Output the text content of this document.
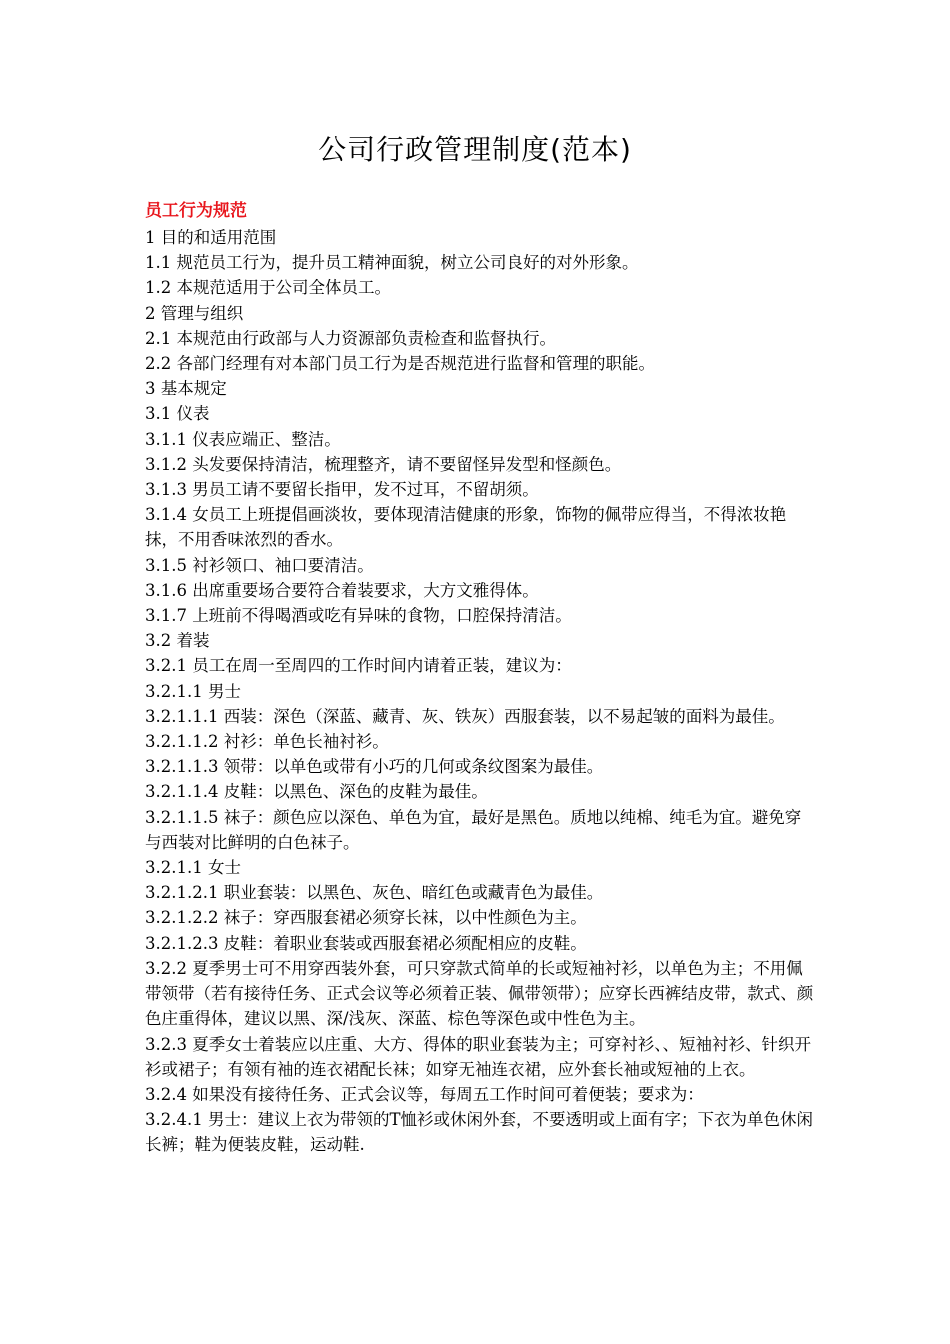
公司行政管理制度(范本)
员工行为规范

1 目的和适用范围

1.1 规范员工行为，提升员工精神面貌，树立公司良好的对外形象。

1.2 本规范适用于公司全体员工。

2 管理与组织

2.1 本规范由行政部与人力资源部负责检查和监督执行。

2.2 各部门经理有对本部门员工行为是否规范进行监督和管理的职能。

3 基本规定

3.1 仪表

3.1.1 仪表应端正、整洁。

3.1.2 头发要保持清洁，梳理整齐，请不要留怪异发型和怪颜色。

3.1.3 男员工请不要留长指甲，发不过耳，不留胡须。

3.1.4 女员工上班提倡画淡妆，要体现清洁健康的形象，饰物的佩带应得当，不得浓妆艳抹，不用香味浓烈的香水。

3.1.5 衬衫领口、袖口要清洁。

3.1.6 出席重要场合要符合着装要求，大方文雅得体。

3.1.7 上班前不得喝酒或吃有异味的食物，口腔保持清洁。

3.2 着装

3.2.1 员工在周一至周四的工作时间内请着正装，建议为：

3.2.1.1 男士

3.2.1.1.1 西装：深色（深蓝、藏青、灰、铁灰）西服套装，以不易起皱的面料为最佳。

3.2.1.1.2 衬衫：单色长袖衬衫。

3.2.1.1.3 领带：以单色或带有小巧的几何或条纹图案为最佳。

3.2.1.1.4 皮鞋：以黑色、深色的皮鞋为最佳。

3.2.1.1.5 袜子：颜色应以深色、单色为宜，最好是黑色。质地以纯棉、纯毛为宜。避免穿与西装对比鲜明的白色袜子。

3.2.1.1 女士

3.2.1.2.1 职业套装：以黑色、灰色、暗红色或藏青色为最佳。

3.2.1.2.2 袜子：穿西服套裙必须穿长袜，以中性颜色为主。

3.2.1.2.3 皮鞋：着职业套装或西服套裙必须配相应的皮鞋。

3.2.2 夏季男士可不用穿西装外套，可只穿款式简单的长或短袖衬衫，以单色为主；不用佩带领带（若有接待任务、正式会议等必须着正装、佩带领带）；应穿长西裤结皮带，款式、颜色庄重得体，建议以黑、深/浅灰、深蓝、棕色等深色或中性色为主。

3.2.3 夏季女士着装应以庄重、大方、得体的职业套装为主；可穿衬衫、、短袖衬衫、针织开衫或裙子；有领有袖的连衣裙配长袜；如穿无袖连衣裙，应外套长袖或短袖的上衣。

3.2.4 如果没有接待任务、正式会议等，每周五工作时间可着便装；要求为：

3.2.4.1 男士：建议上衣为带领的T恤衫或休闲外套，不要透明或上面有字；下衣为单色休闲长裤；鞋为便装皮鞋，运动鞋.
